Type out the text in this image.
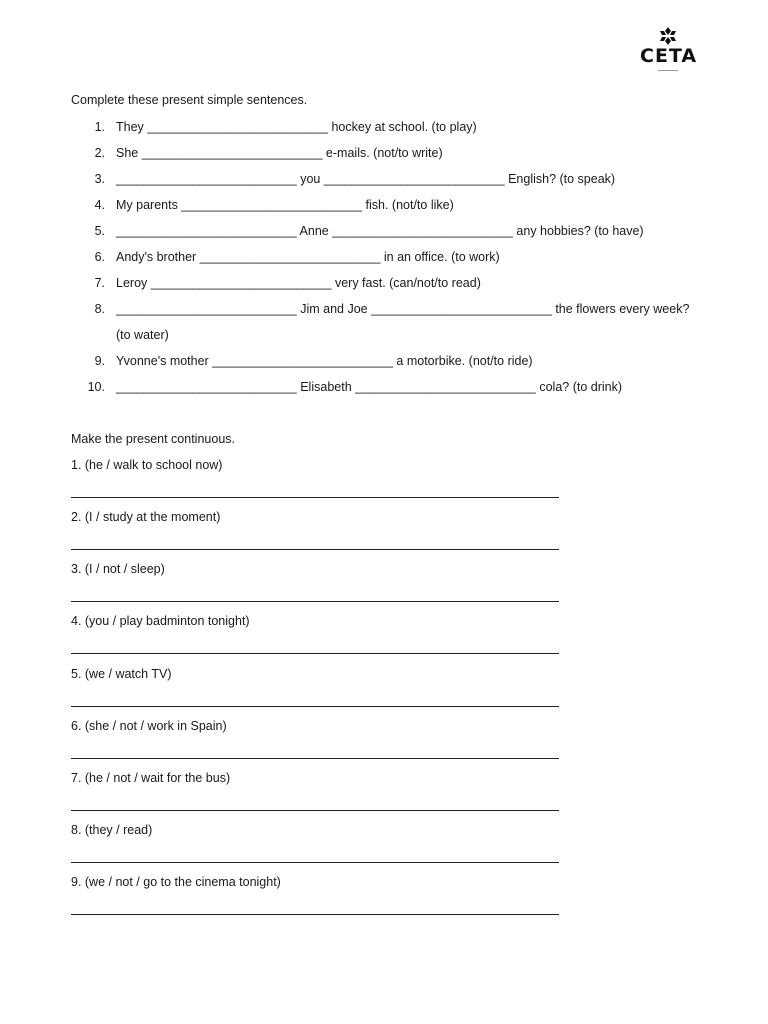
CETA
Complete these present simple sentences.
1. They __________________________ hockey at school. (to play)
2. She __________________________ e-mails. (not/to write)
3. __________________________ you __________________________ English? (to speak)
4. My parents __________________________ fish. (not/to like)
5. __________________________ Anne __________________________ any hobbies? (to have)
6. Andy's brother __________________________ in an office. (to work)
7. Leroy __________________________ very fast. (can/not/to read)
8. __________________________ Jim and Joe __________________________ the flowers every week?
(to water)
9. Yvonne's mother __________________________ a motorbike. (not/to ride)
10. __________________________ Elisabeth __________________________ cola? (to drink)
Make the present continuous.
1. (he / walk to school now)
2. (I / study at the moment)
3. (I / not / sleep)
4. (you / play badminton tonight)
5. (we / watch TV)
6. (she / not / work in Spain)
7. (he / not / wait for the bus)
8. (they / read)
9. (we / not / go to the cinema tonight)
